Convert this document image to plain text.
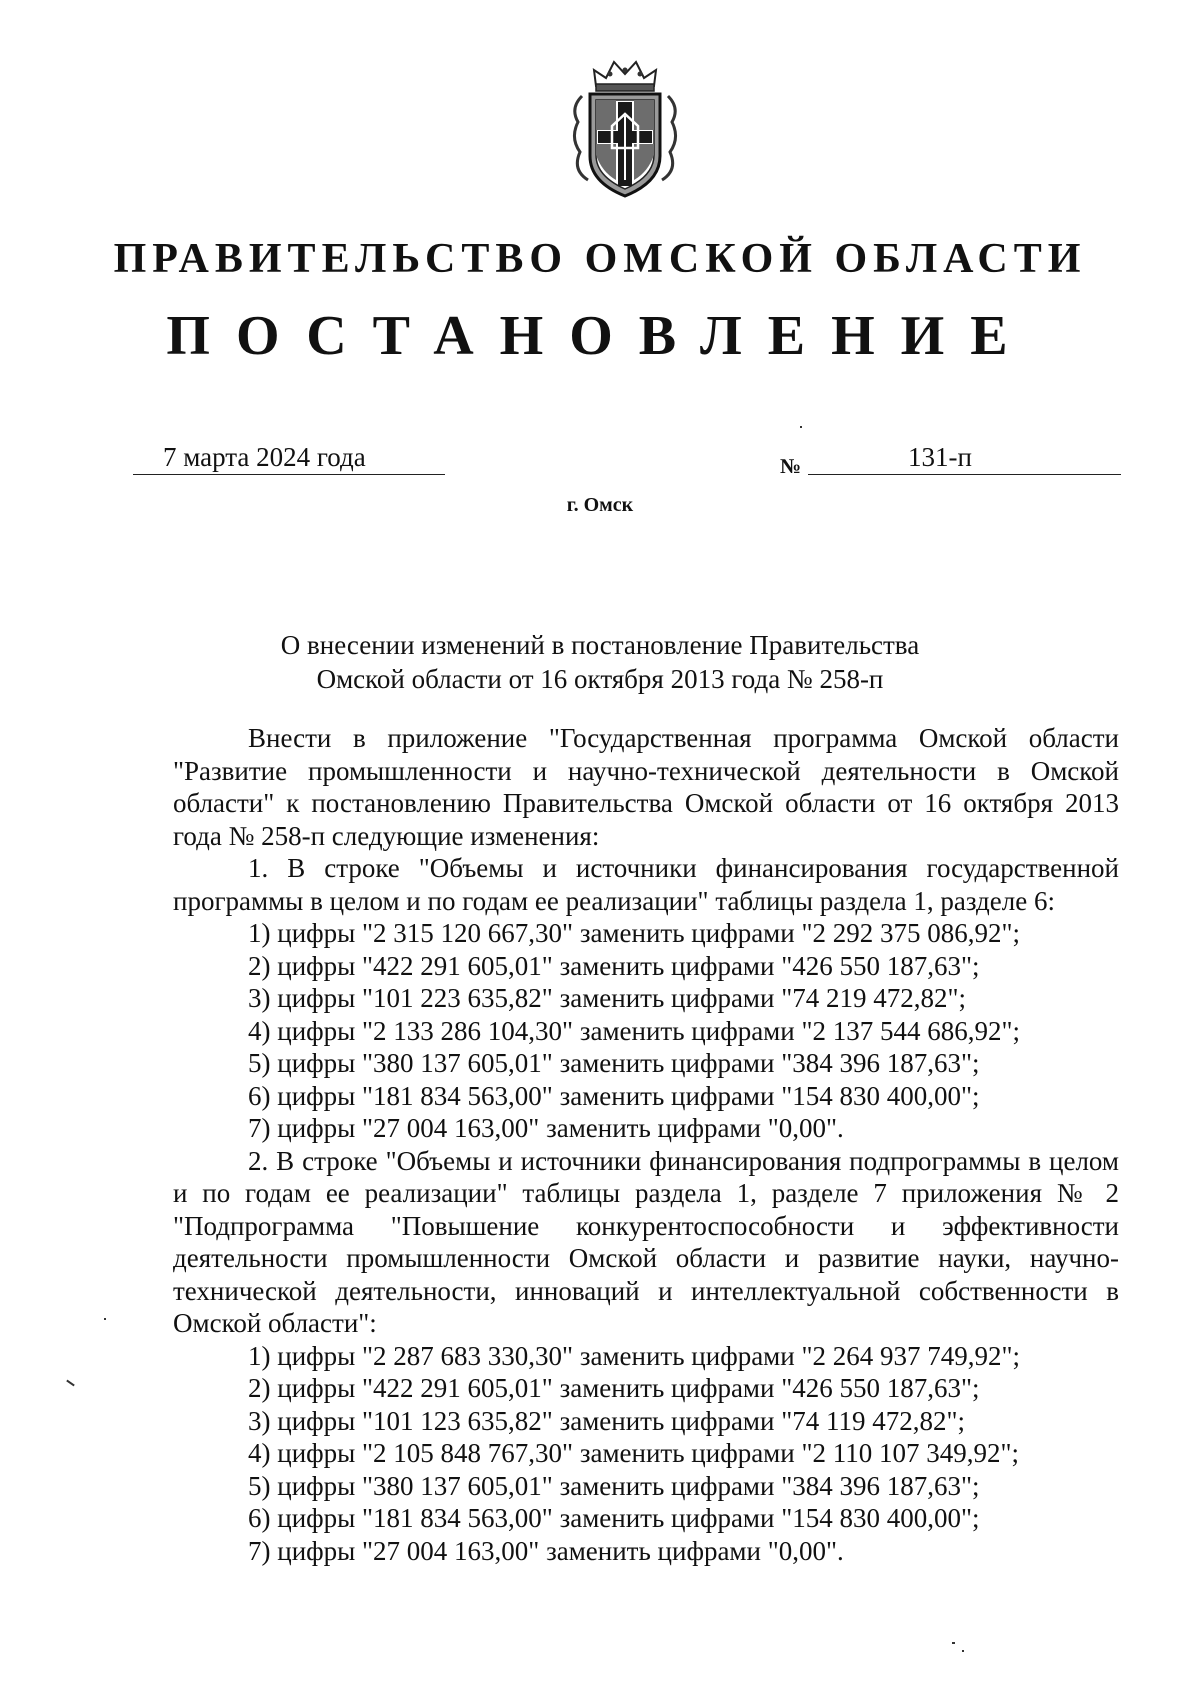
ПРАВИТЕЛЬСТВО ОМСКОЙ ОБЛАСТИ
ПОСТАНОВЛЕНИЕ
7 марта 2024 года	№	131-п
г. Омск
О внесении изменений в постановление Правительства
Омской области от 16 октября 2013 года № 258-п
Внести в приложение "Государственная программа Омской области "Развитие промышленности и научно-технической деятельности в Омской области" к постановлению Правительства Омской области от 16 октября 2013 года № 258-п следующие изменения:
1. В строке "Объемы и источники финансирования государственной программы в целом и по годам ее реализации" таблицы раздела 1, разделе 6:
1) цифры "2 315 120 667,30" заменить цифрами "2 292 375 086,92";
2) цифры "422 291 605,01" заменить цифрами "426 550 187,63";
3) цифры "101 223 635,82" заменить цифрами "74 219 472,82";
4) цифры "2 133 286 104,30" заменить цифрами "2 137 544 686,92";
5) цифры "380 137 605,01" заменить цифрами "384 396 187,63";
6) цифры "181 834 563,00" заменить цифрами "154 830 400,00";
7) цифры "27 004 163,00" заменить цифрами "0,00".
2. В строке "Объемы и источники финансирования подпрограммы в целом и по годам ее реализации" таблицы раздела 1, разделе 7 приложения № 2 "Подпрограмма "Повышение конкурентоспособности и эффективности деятельности промышленности Омской области и развитие науки, научно-технической деятельности, инноваций и интеллектуальной собственности в Омской области":
1) цифры "2 287 683 330,30" заменить цифрами "2 264 937 749,92";
2) цифры "422 291 605,01" заменить цифрами "426 550 187,63";
3) цифры "101 123 635,82" заменить цифрами "74 119 472,82";
4) цифры "2 105 848 767,30" заменить цифрами "2 110 107 349,92";
5) цифры "380 137 605,01" заменить цифрами "384 396 187,63";
6) цифры "181 834 563,00" заменить цифрами "154 830 400,00";
7) цифры "27 004 163,00" заменить цифрами "0,00".
